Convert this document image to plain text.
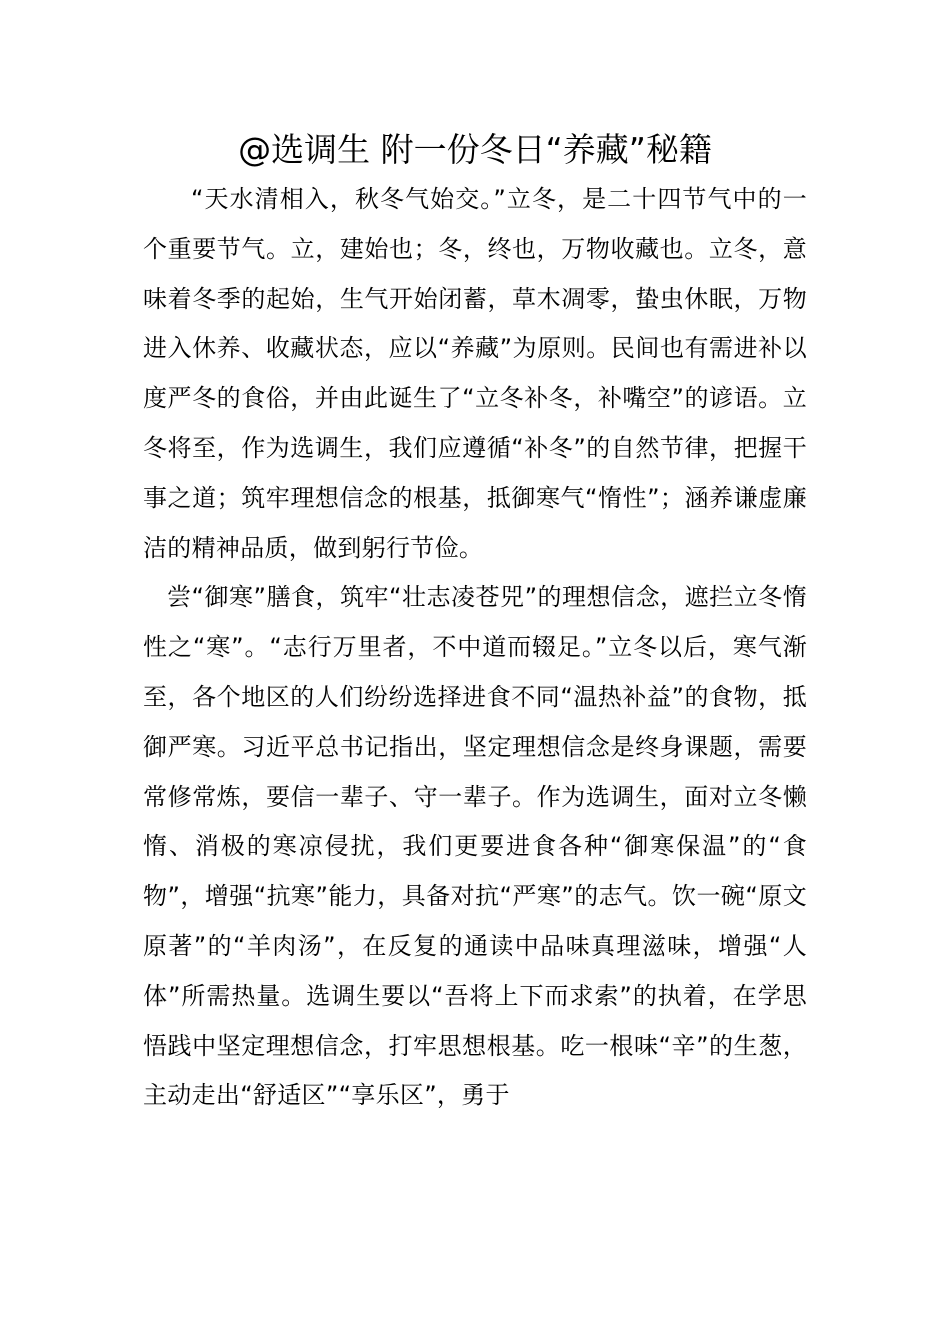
@选调生 附一份冬日“养藏”秘籍

“天水清相入，秋冬气始交。”立冬，是二十四节气中的一个重要节气。立，建始也；冬，终也，万物收藏也。立冬，意味着冬季的起始，生气开始闭蓄，草木凋零，蛰虫休眠，万物进入休养、收藏状态，应以“养藏”为原则。民间也有需进补以度严冬的食俗，并由此诞生了“立冬补冬，补嘴空”的谚语。立冬将至，作为选调生，我们应遵循“补冬”的自然节律，把握干事之道；筑牢理想信念的根基，抵御寒气“惰性”；涵养谦虚廉洁的精神品质，做到躬行节俭。

尝“御寒”膳食，筑牢“壮志凌苍兕”的理想信念，遮拦立冬惰性之“寒”。“志行万里者，不中道而辍足。”立冬以后，寒气渐至，各个地区的人们纷纷选择进食不同“温热补益”的食物，抵御严寒。习近平总书记指出，坚定理想信念是终身课题，需要常修常炼，要信一辈子、守一辈子。作为选调生，面对立冬懒惰、消极的寒凉侵扰，我们更要进食各种“御寒保温”的“食物”，增强“抗寒”能力，具备对抗“严寒”的志气。饮一碗“原文原著”的“羊肉汤”，在反复的通读中品味真理滋味，增强“人体”所需热量。选调生要以“吾将上下而求索”的执着，在学思悟践中坚定理想信念，打牢思想根基。吃一根味“辛”的生葱，主动走出“舒适区”“享乐区”，勇于
